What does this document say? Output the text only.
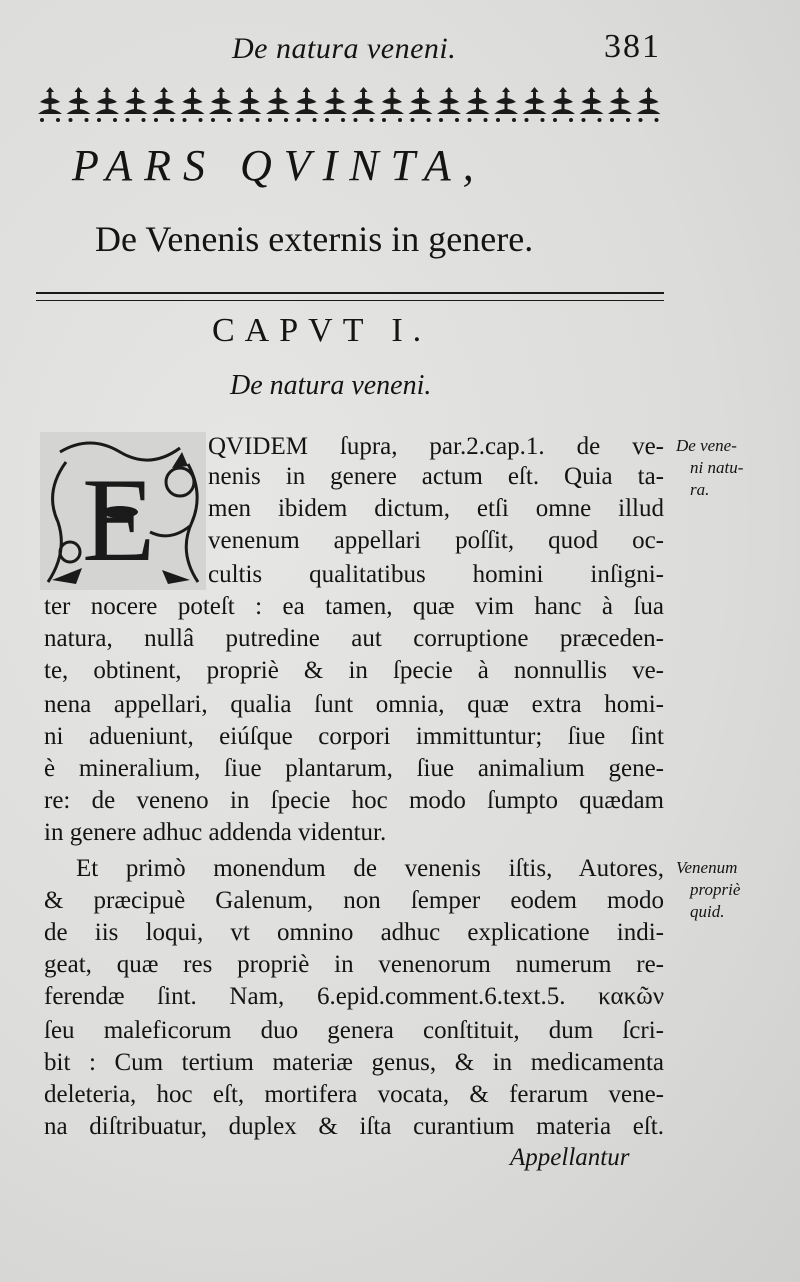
De natura veneni.	381
PARS QVINTA,
De Venenis externis in genere.
CAPVT I.
De natura veneni.
E
QVIDEM ſupra, par.2.cap.1. de ve-
nenis in genere actum eſt. Quia ta-
men ibidem dictum, etſi omne illud
venenum appellari poſſit, quod oc-
cultis qualitatibus homini inſigni-
ter nocere poteſt : ea tamen, quæ vim hanc à ſua
natura, nullâ putredine aut corruptione præceden-
te, obtinent, propriè & in ſpecie à nonnullis ve-
nena appellari, qualia ſunt omnia, quæ extra homi-
ni adueniunt, eiúſque corpori immittuntur; ſiue ſint
è mineralium, ſiue plantarum, ſiue animalium gene-
re: de veneno in ſpecie hoc modo ſumpto quædam
in genere adhuc addenda videntur.
Et primò monendum de venenis iſtis, Autores,
& præcipuè Galenum, non ſemper eodem modo
de iis loqui, vt omnino adhuc explicatione indi-
geat, quæ res propriè in venenorum numerum re-
ferendæ ſint. Nam, 6.epid.comment.6.text.5. κακῶν
ſeu maleficorum duo genera conſtituit, dum ſcri-
bit : Cum tertium materiæ genus, & in medicamenta
deleteria, hoc eſt, mortifera vocata, & ferarum vene-
na diſtribuatur, duplex & iſta curantium materia eſt.
De vene-
ni natu-
ra.
Venenum
propriè
quid.
Appellantur
